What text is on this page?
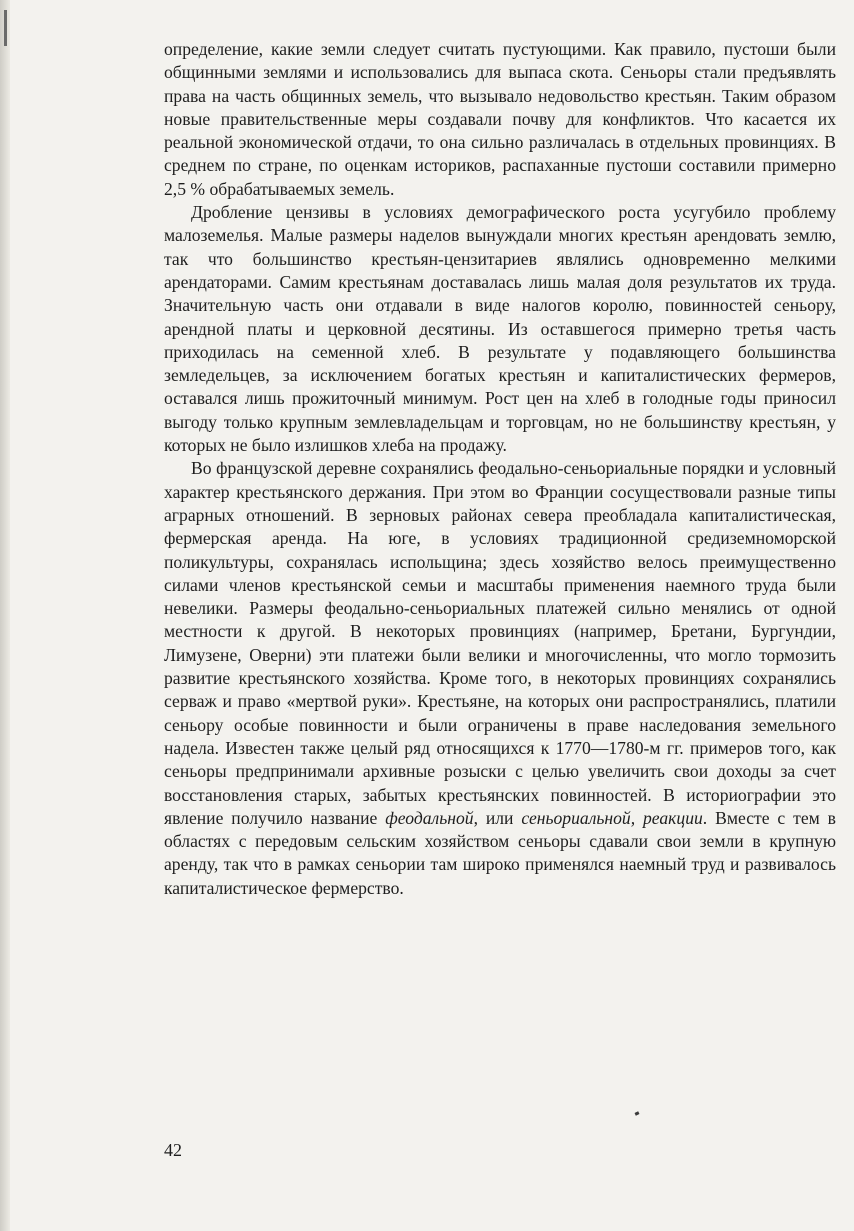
определение, какие земли следует считать пустующими. Как правило, пустоши были общинными землями и использовались для выпаса скота. Сеньоры стали предъявлять права на часть общинных земель, что вызывало недовольство крестьян. Таким образом новые правительственные меры создавали почву для конфликтов. Что касается их реальной экономической отдачи, то она сильно различалась в отдельных провинциях. В среднем по стране, по оценкам историков, распаханные пустоши составили примерно 2,5 % обрабатываемых земель.

Дробление цензивы в условиях демографического роста усугубило проблему малоземелья. Малые размеры наделов вынуждали многих крестьян арендовать землю, так что большинство крестьян-цензитариев являлись одновременно мелкими арендаторами. Самим крестьянам доставалась лишь малая доля результатов их труда. Значительную часть они отдавали в виде налогов королю, повинностей сеньору, арендной платы и церковной десятины. Из оставшегося примерно третья часть приходилась на семенной хлеб. В результате у подавляющего большинства земледельцев, за исключением богатых крестьян и капиталистических фермеров, оставался лишь прожиточный минимум. Рост цен на хлеб в голодные годы приносил выгоду только крупным землевладельцам и торговцам, но не большинству крестьян, у которых не было излишков хлеба на продажу.

Во французской деревне сохранялись феодально-сеньориальные порядки и условный характер крестьянского держания. При этом во Франции сосуществовали разные типы аграрных отношений. В зерновых районах севера преобладала капиталистическая, фермерская аренда. На юге, в условиях традиционной средиземноморской поликультуры, сохранялась испольщина; здесь хозяйство велось преимущественно силами членов крестьянской семьи и масштабы применения наемного труда были невелики. Размеры феодально-сеньориальных платежей сильно менялись от одной местности к другой. В некоторых провинциях (например, Бретани, Бургундии, Лимузене, Оверни) эти платежи были велики и многочисленны, что могло тормозить развитие крестьянского хозяйства. Кроме того, в некоторых провинциях сохранялись серваж и право «мертвой руки». Крестьяне, на которых они распространялись, платили сеньору особые повинности и были ограничены в праве наследования земельного надела. Известен также целый ряд относящихся к 1770—1780-м гг. примеров того, как сеньоры предпринимали архивные розыски с целью увеличить свои доходы за счет восстановления старых, забытых крестьянских повинностей. В историографии это явление получило название феодальной, или сеньориальной, реакции. Вместе с тем в областях с передовым сельским хозяйством сеньоры сдавали свои земли в крупную аренду, так что в рамках сеньории там широко применялся наемный труд и развивалось капиталистическое фермерство.

42
